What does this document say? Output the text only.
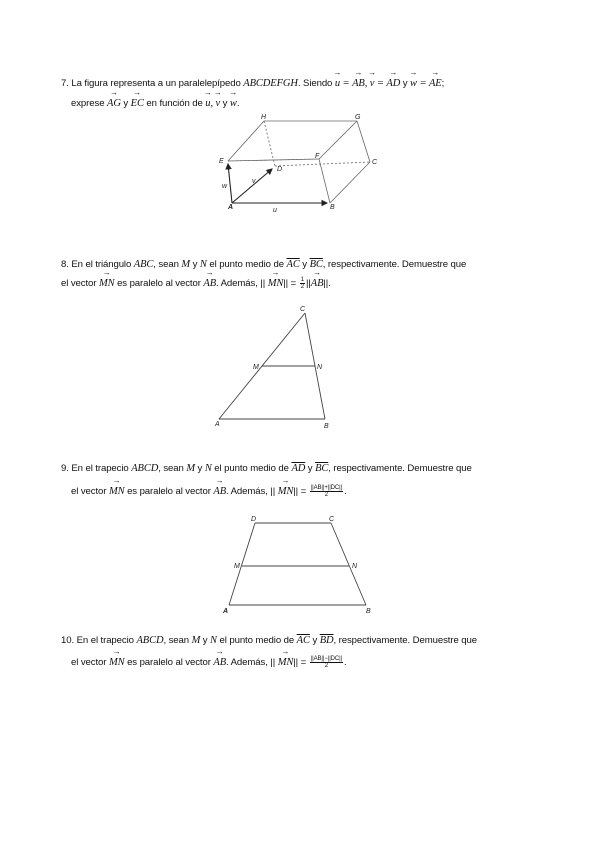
7. La figura representa a un paralelepípedo ABCDEFGH. Siendo → u = → AB, → v = → AD y → w = → AE;
exprese → AG y → EC en función de → u, → v y → w.
H	G
E
F
D
C
A	B
u
v
w
8. En el triángulo ABC, sean M y N el punto medio de $\overline{AC}$ y $\overline{BC}$, respectivamente. Demuestre que
el vector → MN es paralelo al vector → AB. Además, || → $MN|| = \frac{1}{2}$ ||→ AB||.
C
M	N
A	B
9. En el trapecio ABCD, sean M y N el punto medio de $\overline{AD}$ y $\overline{BC}$, respectivamente. Demuestre que
el vector → MN es paralelo al vector → AB. Además, || → $MN|| = \frac{||AB||+||DC||}{2}$ .
D	C
M	N
A	B
10. En el trapecio ABCD, sean M y N el punto medio de $\overline{AC}$ y $\overline{BD}$, respectivamente. Demuestre que
el vector → MN es paralelo al vector → AB. Además, || → $MN|| = \frac{||AB||-||DC||}{2}$ .
